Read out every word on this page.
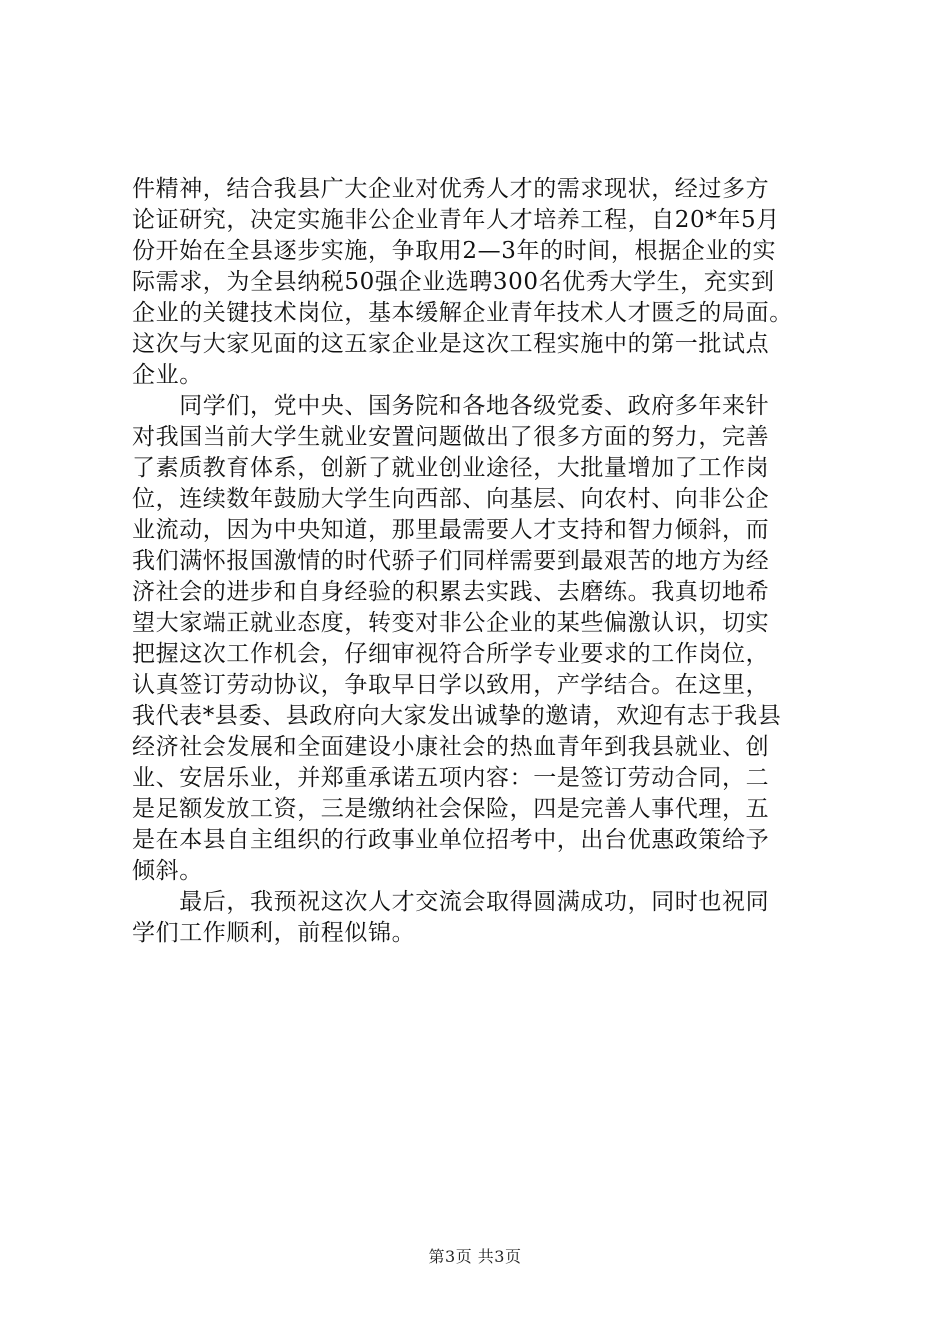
件精神，结合我县广大企业对优秀人才的需求现状，经过多方
论证研究，决定实施非公企业青年人才培养工程，自20*年5月
份开始在全县逐步实施，争取用2—3年的时间，根据企业的实
际需求，为全县纳税50强企业选聘300名优秀大学生，充实到
企业的关键技术岗位，基本缓解企业青年技术人才匮乏的局面。
这次与大家见面的这五家企业是这次工程实施中的第一批试点
企业。
　　同学们，党中央、国务院和各地各级党委、政府多年来针
对我国当前大学生就业安置问题做出了很多方面的努力，完善
了素质教育体系，创新了就业创业途径，大批量增加了工作岗
位，连续数年鼓励大学生向西部、向基层、向农村、向非公企
业流动，因为中央知道，那里最需要人才支持和智力倾斜，而
我们满怀报国激情的时代骄子们同样需要到最艰苦的地方为经
济社会的进步和自身经验的积累去实践、去磨练。我真切地希
望大家端正就业态度，转变对非公企业的某些偏激认识，切实
把握这次工作机会，仔细审视符合所学专业要求的工作岗位，
认真签订劳动协议，争取早日学以致用，产学结合。在这里，
我代表*县委、县政府向大家发出诚挚的邀请，欢迎有志于我县
经济社会发展和全面建设小康社会的热血青年到我县就业、创
业、安居乐业，并郑重承诺五项内容：一是签订劳动合同，二
是足额发放工资，三是缴纳社会保险，四是完善人事代理，五
是在本县自主组织的行政事业单位招考中，出台优惠政策给予
倾斜。
　　最后，我预祝这次人才交流会取得圆满成功，同时也祝同
学们工作顺利，前程似锦。
第3页 共3页
